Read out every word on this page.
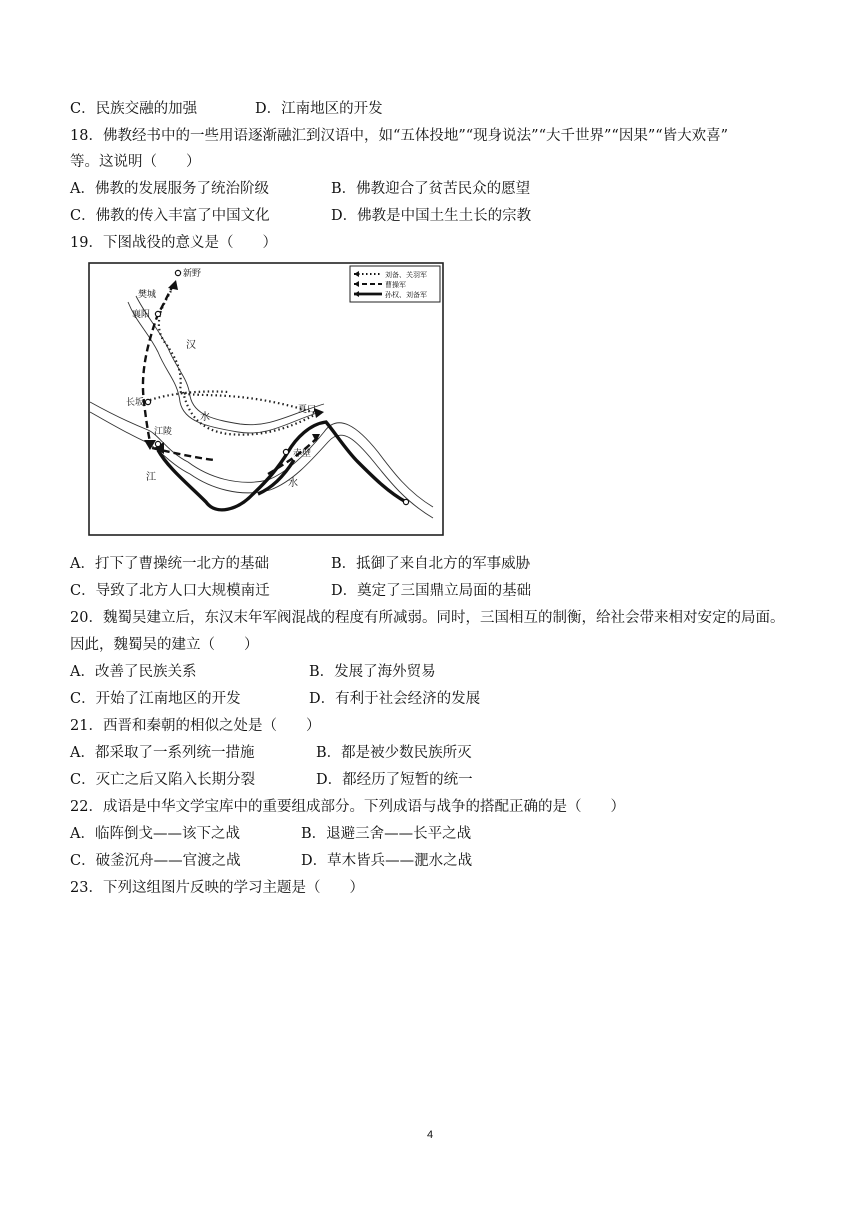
C．民族交融的加强	D．江南地区的开发
18．佛教经书中的一些用语逐渐融汇到汉语中，如“五体投地”“现身说法”“大千世界”“因果”“皆大欢喜”
等。这说明（　　）
A．佛教的发展服务了统治阶级	B．佛教迎合了贫苦民众的愿望
C．佛教的传入丰富了中国文化	D．佛教是中国土生土长的宗教
19．下图战役的意义是（　　）
新野
樊城
襄阳
长坂
江陵
夏口
赤壁
汉
水
江
水
刘备、关羽军
曹操军
孙权、刘备军
A．打下了曹操统一北方的基础	B．抵御了来自北方的军事威胁
C．导致了北方人口大规模南迁	D．奠定了三国鼎立局面的基础
20．魏蜀吴建立后，东汉末年军阀混战的程度有所减弱。同时，三国相互的制衡，给社会带来相对安定的局面。
因此，魏蜀吴的建立（　　）
A．改善了民族关系	B．发展了海外贸易
C．开始了江南地区的开发	D．有利于社会经济的发展
21．西晋和秦朝的相似之处是（　　）
A．都采取了一系列统一措施	B．都是被少数民族所灭
C．灭亡之后又陷入长期分裂	D．都经历了短暂的统一
22．成语是中华文学宝库中的重要组成部分。下列成语与战争的搭配正确的是（　　）
A．临阵倒戈——该下之战	B．退避三舍——长平之战
C．破釜沉舟——官渡之战	D．草木皆兵——淝水之战
23．下列这组图片反映的学习主题是（　　）
4
